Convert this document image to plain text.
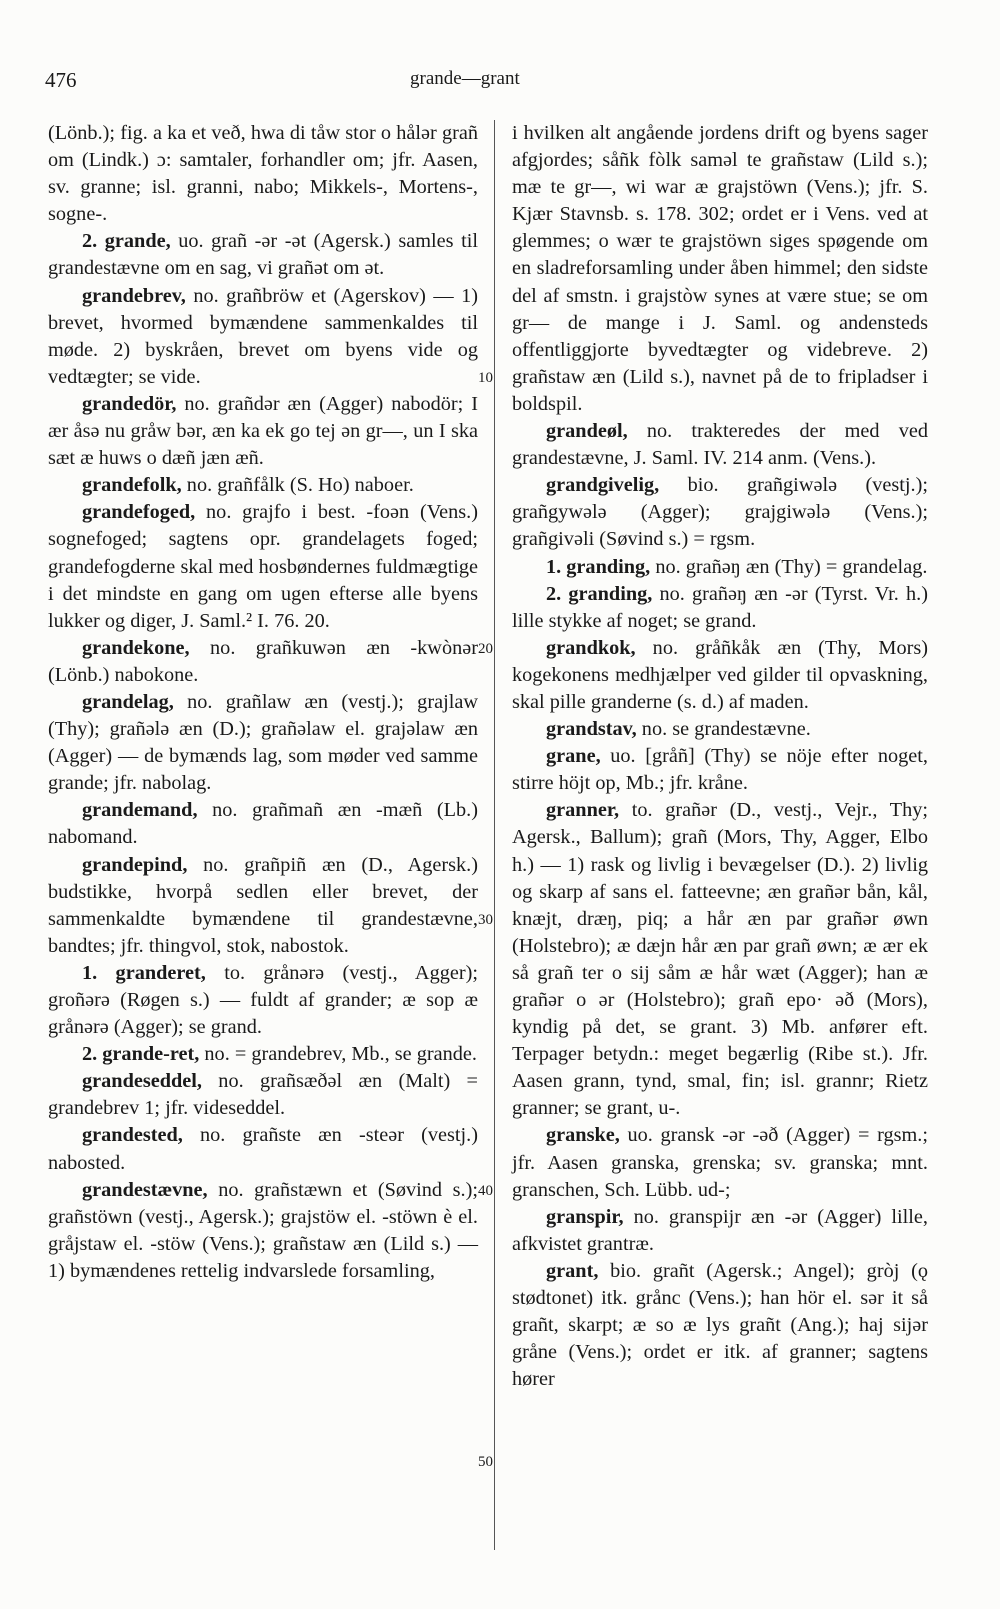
476	grande—grant

(Lönb.); fig. a ka et veð, hwa di tåw stor o hålər grañ om (Lindk.) ɔ: samtaler, forhandler om; jfr. Aasen, sv. granne; isl. granni, nabo; Mikkels-, Mortens-, sogne-.

2. grande, uo. grañ -ər -ət (Agersk.) samles til grandestævne om en sag, vi grañət om ət.

grandebrev, no. grañbröw et (Agerskov) — 1) brevet, hvormed bymændene sammenkaldes til møde. 2) byskråen, brevet om byens vide og vedtægter; se vide.

grandedör, no. grañdər æn (Agger) nabodör; I ær åsə nu gråw bər, æn ka ek go tej ən gr—, un I ska sæt æ huws o dæñ jæn æñ.

grandefolk, no. grañfålk (S. Ho) naboer.

grandefoged, no. grajfo i best. -foən (Vens.) sognefoged; sagtens opr. grandelagets foged; grandefogderne skal med hosbøndernes fuldmægtige i det mindste en gang om ugen efterse alle byens lukker og diger, J. Saml.² I. 76. 20.

grandekone, no. grañkuwən æn -kwònər (Lönb.) nabokone.

grandelag, no. grañlaw æn (vestj.); grajlaw (Thy); grañələ æn (D.); grañəlaw el. grajəlaw æn (Agger) — de bymænds lag, som møder ved samme grande; jfr. nabolag.

grandemand, no. grañmañ æn -mæñ (Lb.) nabomand.

grandepind, no. grañpiñ æn (D., Agersk.) budstikke, hvorpå sedlen eller brevet, der sammenkaldte bymændene til grandestævne, bandtes; jfr. thingvol, stok, nabostok.

1. granderet, to. grånərə (vestj., Agger); groñərə (Røgen s.) — fuldt af grander; æ sop æ grånərə (Agger); se grand.

2. grande-ret, no. = grandebrev, Mb., se grande.

grandeseddel, no. grañsæðəl æn (Malt) = grandebrev 1; jfr. videseddel.

grandested, no. grañste æn -steər (vestj.) nabosted.

grandestævne, no. grañstæwn et (Søvind s.); grañstöwn (vestj., Agersk.); grajstöw el. -stöwn è el. gråjstaw el. -stöw (Vens.); grañstaw æn (Lild s.) — 1) bymændenes rettelig indvarslede forsamling,

10
20
30
40
50

i hvilken alt angående jordens drift og byens sager afgjordes; såñk fòlk saməl te grañstaw (Lild s.); mæ te gr—, wi war æ grajstöwn (Vens.); jfr. S. Kjær Stavnsb. s. 178. 302; ordet er i Vens. ved at glemmes; o wær te grajstöwn siges spøgende om en sladreforsamling under åben himmel; den sidste del af smstn. i grajstòw synes at være stue; se om gr— de mange i J. Saml. og andensteds offentliggjorte byvedtægter og videbreve. 2) grañstaw æn (Lild s.), navnet på de to fripladser i boldspil.

grandeøl, no. trakteredes der med ved grandestævne, J. Saml. IV. 214 anm. (Vens.).

grandgivelig, bio. grañgiwələ (vestj.); grañgywələ (Agger); grajgiwələ (Vens.); grañgivəli (Søvind s.) = rgsm.

1. granding, no. grañəŋ æn (Thy) = grandelag.

2. granding, no. grañəŋ æn -ər (Tyrst. Vr. h.) lille stykke af noget; se grand.

grandkok, no. gråñkåk æn (Thy, Mors) kogekonens medhjælper ved gilder til opvaskning, skal pille granderne (s. d.) af maden.

grandstav, no. se grandestævne.

grane, uo. [gråñ] (Thy) se nöje efter noget, stirre höjt op, Mb.; jfr. kråne.

granner, to. grañər (D., vestj., Vejr., Thy; Agersk., Ballum); grañ (Mors, Thy, Agger, Elbo h.) — 1) rask og livlig i bevægelser (D.). 2) livlig og skarp af sans el. fatteevne; æn grañər bån, kål, knæjt, dræŋ, piq; a hår æn par grañər øwn (Holstebro); æ dæjn hår æn par grañ øwn; æ ær ek så grañ ter o sij såm æ hår wæt (Agger); han æ grañər o ər (Holstebro); grañ epo· əð (Mors), kyndig på det, se grant. 3) Mb. anfører eft. Terpager betydn.: meget begærlig (Ribe st.). Jfr. Aasen grann, tynd, smal, fin; isl. grannr; Rietz granner; se grant, u-.

granske, uo. gransk -ər -əð (Agger) = rgsm.; jfr. Aasen granska, grenska; sv. granska; mnt. granschen, Sch. Lübb. ud-;

granspir, no. granspijr æn -ər (Agger) lille, afkvistet grantræ.

grant, bio. grañt (Agersk.; Angel); gròj (ǫ stødtonet) itk. grånc (Vens.); han hör el. sər it så grañt, skarpt; æ so æ lys grañt (Ang.); haj sijər gråne (Vens.); ordet er itk. af granner; sagtens hører
